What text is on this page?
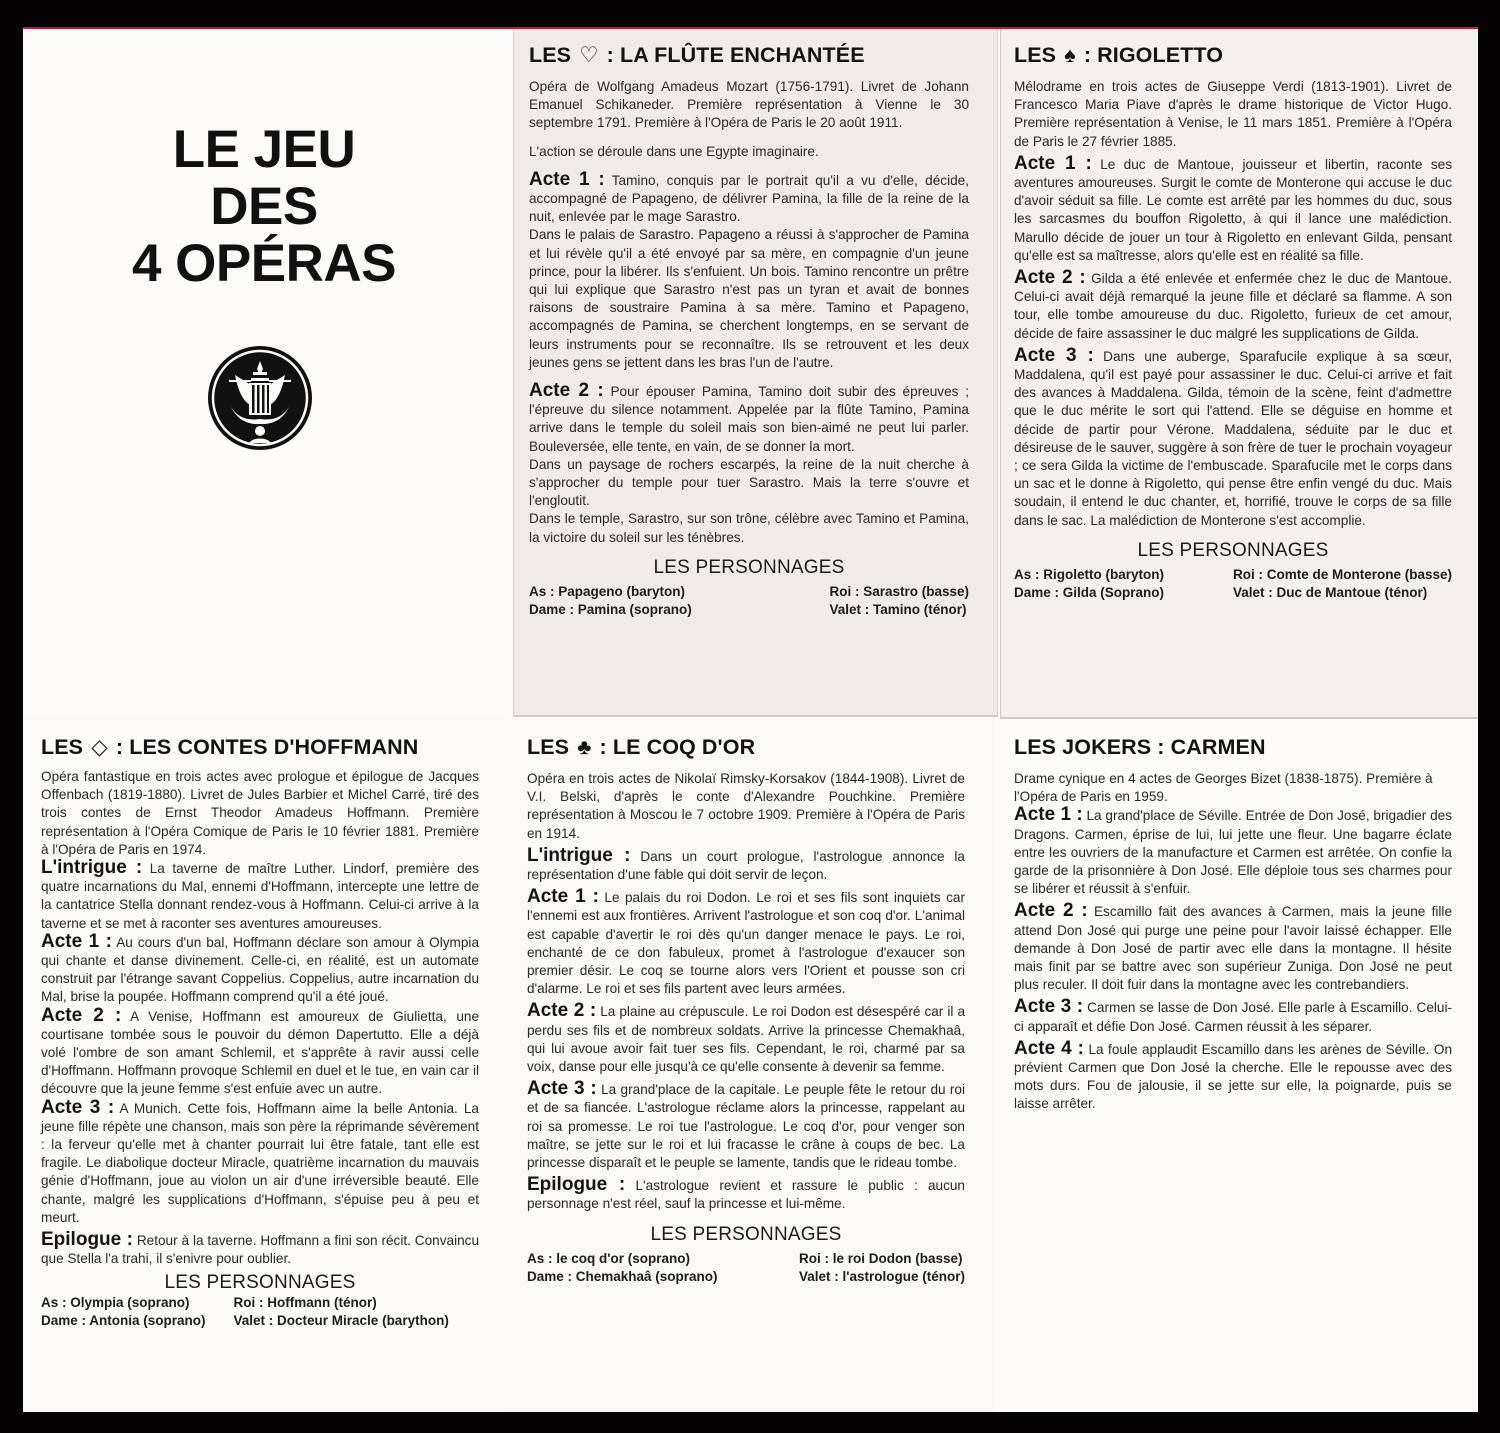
LE JEU
DES
4 OPÉRAS
LES ♡ : LA FLÛTE ENCHANTÉE

Opéra de Wolfgang Amadeus Mozart (1756-1791). Livret de Johann Emanuel Schikaneder. Première représentation à Vienne le 30 septembre 1791. Première à l'Opéra de Paris le 20 août 1911.

L'action se déroule dans une Egypte imaginaire.

Acte 1 : Tamino, conquis par le portrait qu'il a vu d'elle, décide, accompagné de Papageno, de délivrer Pamina, la fille de la reine de la nuit, enlevée par le mage Sarastro.

Dans le palais de Sarastro. Papageno a réussi à s'approcher de Pamina et lui révèle qu'il a été envoyé par sa mère, en compagnie d'un jeune prince, pour la libérer. Ils s'enfuient. Un bois. Tamino rencontre un prêtre qui lui explique que Sarastro n'est pas un tyran et avait de bonnes raisons de soustraire Pamina à sa mère. Tamino et Papageno, accompagnés de Pamina, se cherchent longtemps, en se servant de leurs instruments pour se reconnaître. Ils se retrouvent et les deux jeunes gens se jettent dans les bras l'un de l'autre.

Acte 2 : Pour épouser Pamina, Tamino doit subir des épreuves ; l'épreuve du silence notamment. Appelée par la flûte Tamino, Pamina arrive dans le temple du soleil mais son bien-aimé ne peut lui parler. Bouleversée, elle tente, en vain, de se donner la mort.

Dans un paysage de rochers escarpés, la reine de la nuit cherche à s'approcher du temple pour tuer Sarastro. Mais la terre s'ouvre et l'engloutit.

Dans le temple, Sarastro, sur son trône, célèbre avec Tamino et Pamina, la victoire du soleil sur les ténèbres.

LES PERSONNAGES

As : Papageno (baryton)
Dame : Pamina (soprano)
Roi : Sarastro (basse)
Valet : Tamino (ténor)
LES ♠ : RIGOLETTO

Mélodrame en trois actes de Giuseppe Verdi (1813-1901). Livret de Francesco Maria Piave d'après le drame historique de Victor Hugo. Première représentation à Venise, le 11 mars 1851. Première à l'Opéra de Paris le 27 février 1885.

Acte 1 : Le duc de Mantoue, jouisseur et libertin, raconte ses aventures amoureuses. Surgit le comte de Monterone qui accuse le duc d'avoir séduit sa fille. Le comte est arrêté par les hommes du duc, sous les sarcasmes du bouffon Rigoletto, à qui il lance une malédiction. Marullo décide de jouer un tour à Rigoletto en enlevant Gilda, pensant qu'elle est sa maîtresse, alors qu'elle est en réalité sa fille.

Acte 2 : Gilda a été enlevée et enfermée chez le duc de Mantoue. Celui-ci avait déjà remarqué la jeune fille et déclaré sa flamme. A son tour, elle tombe amoureuse du duc. Rigoletto, furieux de cet amour, décide de faire assassiner le duc malgré les supplications de Gilda.

Acte 3 : Dans une auberge, Sparafucile explique à sa sœur, Maddalena, qu'il est payé pour assassiner le duc. Celui-ci arrive et fait des avances à Maddalena. Gilda, témoin de la scène, feint d'admettre que le duc mérite le sort qui l'attend. Elle se déguise en homme et décide de partir pour Vérone. Maddalena, séduite par le duc et désireuse de le sauver, suggère à son frère de tuer le prochain voyageur ; ce sera Gilda la victime de l'embuscade. Sparafucile met le corps dans un sac et le donne à Rigoletto, qui pense être enfin vengé du duc. Mais soudain, il entend le duc chanter, et, horrifié, trouve le corps de sa fille dans le sac. La malédiction de Monterone s'est accomplie.

LES PERSONNAGES

As : Rigoletto (baryton)
Dame : Gilda (Soprano)
Roi : Comte de Monterone (basse)
Valet : Duc de Mantoue (ténor)
LES ◇ : LES CONTES D'HOFFMANN

Opéra fantastique en trois actes avec prologue et épilogue de Jacques Offenbach (1819-1880). Livret de Jules Barbier et Michel Carré, tiré des trois contes de Ernst Theodor Amadeus Hoffmann. Première représentation à l'Opéra Comique de Paris le 10 février 1881. Première à l'Opéra de Paris en 1974.

L'intrigue : La taverne de maître Luther. Lindorf, première des quatre incarnations du Mal, ennemi d'Hoffmann, intercepte une lettre de la cantatrice Stella donnant rendez-vous à Hoffmann. Celui-ci arrive à la taverne et se met à raconter ses aventures amoureuses.

Acte 1 : Au cours d'un bal, Hoffmann déclare son amour à Olympia qui chante et danse divinement. Celle-ci, en réalité, est un automate construit par l'étrange savant Coppelius. Coppelius, autre incarnation du Mal, brise la poupée. Hoffmann comprend qu'il a été joué.

Acte 2 : A Venise, Hoffmann est amoureux de Giulietta, une courtisane tombée sous le pouvoir du démon Dapertutto. Elle a déjà volé l'ombre de son amant Schlemil, et s'apprête à ravir aussi celle d'Hoffmann. Hoffmann provoque Schlemil en duel et le tue, en vain car il découvre que la jeune femme s'est enfuie avec un autre.

Acte 3 : A Munich. Cette fois, Hoffmann aime la belle Antonia. La jeune fille répète une chanson, mais son père la réprimande sévèrement : la ferveur qu'elle met à chanter pourrait lui être fatale, tant elle est fragile. Le diabolique docteur Miracle, quatrième incarnation du mauvais génie d'Hoffmann, joue au violon un air d'une irréversible beauté. Elle chante, malgré les supplications d'Hoffmann, s'épuise peu à peu et meurt.

Epilogue : Retour à la taverne. Hoffmann a fini son récit. Convaincu que Stella l'a trahi, il s'enivre pour oublier.

LES PERSONNAGES

As : Olympia (soprano)
Dame : Antonia (soprano)
Roi : Hoffmann (ténor)
Valet : Docteur Miracle (barython)
LES ♣ : LE COQ D'OR

Opéra en trois actes de Nikolaï Rimsky-Korsakov (1844-1908). Livret de V.I. Belski, d'après le conte d'Alexandre Pouchkine. Première représentation à Moscou le 7 octobre 1909. Première à l'Opéra de Paris en 1914.

L'intrigue : Dans un court prologue, l'astrologue annonce la représentation d'une fable qui doit servir de leçon.

Acte 1 : Le palais du roi Dodon. Le roi et ses fils sont inquiets car l'ennemi est aux frontières. Arrivent l'astrologue et son coq d'or. L'animal est capable d'avertir le roi dès qu'un danger menace le pays. Le roi, enchanté de ce don fabuleux, promet à l'astrologue d'exaucer son premier désir. Le coq se tourne alors vers l'Orient et pousse son cri d'alarme. Le roi et ses fils partent avec leurs armées.

Acte 2 : La plaine au crépuscule. Le roi Dodon est désespéré car il a perdu ses fils et de nombreux soldats. Arrive la princesse Chemakhaâ, qui lui avoue avoir fait tuer ses fils. Cependant, le roi, charmé par sa voix, danse pour elle jusqu'à ce qu'elle consente à devenir sa femme.

Acte 3 : La grand'place de la capitale. Le peuple fête le retour du roi et de sa fiancée. L'astrologue réclame alors la princesse, rappelant au roi sa promesse. Le roi tue l'astrologue. Le coq d'or, pour venger son maître, se jette sur le roi et lui fracasse le crâne à coups de bec. La princesse disparaît et le peuple se lamente, tandis que le rideau tombe.

Epilogue : L'astrologue revient et rassure le public : aucun personnage n'est réel, sauf la princesse et lui-même.

LES PERSONNAGES

As : le coq d'or (soprano)
Dame : Chemakhaâ (soprano)
Roi : le roi Dodon (basse)
Valet : l'astrologue (ténor)
LES JOKERS : CARMEN

Drame cynique en 4 actes de Georges Bizet (1838-1875). Première à l'Opéra de Paris en 1959.

Acte 1 : La grand'place de Séville. Entrée de Don José, brigadier des Dragons. Carmen, éprise de lui, lui jette une fleur. Une bagarre éclate entre les ouvriers de la manufacture et Carmen est arrêtée. On confie la garde de la prisonnière à Don José. Elle déploie tous ses charmes pour se libérer et réussit à s'enfuir.

Acte 2 : Escamillo fait des avances à Carmen, mais la jeune fille attend Don José qui purge une peine pour l'avoir laissé échapper. Elle demande à Don José de partir avec elle dans la montagne. Il hésite mais finit par se battre avec son supérieur Zuniga. Don José ne peut plus reculer. Il doit fuir dans la montagne avec les contrebandiers.

Acte 3 : Carmen se lasse de Don José. Elle parle à Escamillo. Celui-ci apparaît et défie Don José. Carmen réussit à les séparer.

Acte 4 : La foule applaudit Escamillo dans les arènes de Séville. On prévient Carmen que Don José la cherche. Elle le repousse avec des mots durs. Fou de jalousie, il se jette sur elle, la poignarde, puis se laisse arrêter.
